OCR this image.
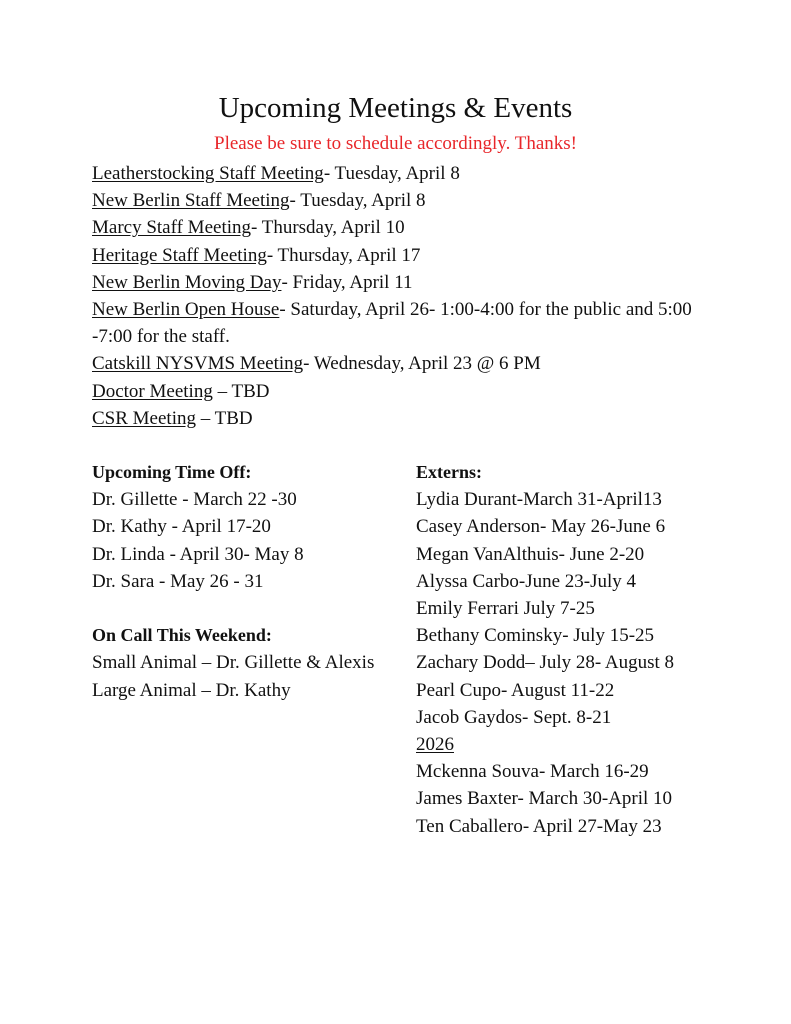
Upcoming Meetings & Events
Please be sure to schedule accordingly. Thanks!

Leatherstocking Staff Meeting- Tuesday, April 8

New Berlin Staff Meeting- Tuesday, April 8

Marcy Staff Meeting- Thursday, April 10

Heritage Staff Meeting- Thursday, April 17

New Berlin Moving Day- Friday, April 11

New Berlin Open House- Saturday, April 26- 1:00-4:00 for the public and 5:00 -7:00 for the staff.

Catskill NYSVMS Meeting- Wednesday, April 23 @ 6 PM

Doctor Meeting – TBD

CSR Meeting – TBD

Upcoming Time Off:
Dr. Gillette - March 22 -30
Dr. Kathy - April 17-20
Dr. Linda - April 30- May 8
Dr. Sara - May 26 - 31
On Call This Weekend:
Small Animal – Dr. Gillette & Alexis
Large Animal – Dr. Kathy
Externs:
Lydia Durant-March 31-April13
Casey Anderson- May 26-June 6
Megan VanAlthuis- June 2-20
Alyssa Carbo-June 23-July 4
Emily Ferrari July 7-25
Bethany Cominsky- July 15-25
Zachary Dodd– July 28- August 8
Pearl Cupo- August 11-22
Jacob Gaydos- Sept. 8-21
2026
Mckenna Souva- March 16-29
James Baxter- March 30-April 10
Ten Caballero- April 27-May 23
